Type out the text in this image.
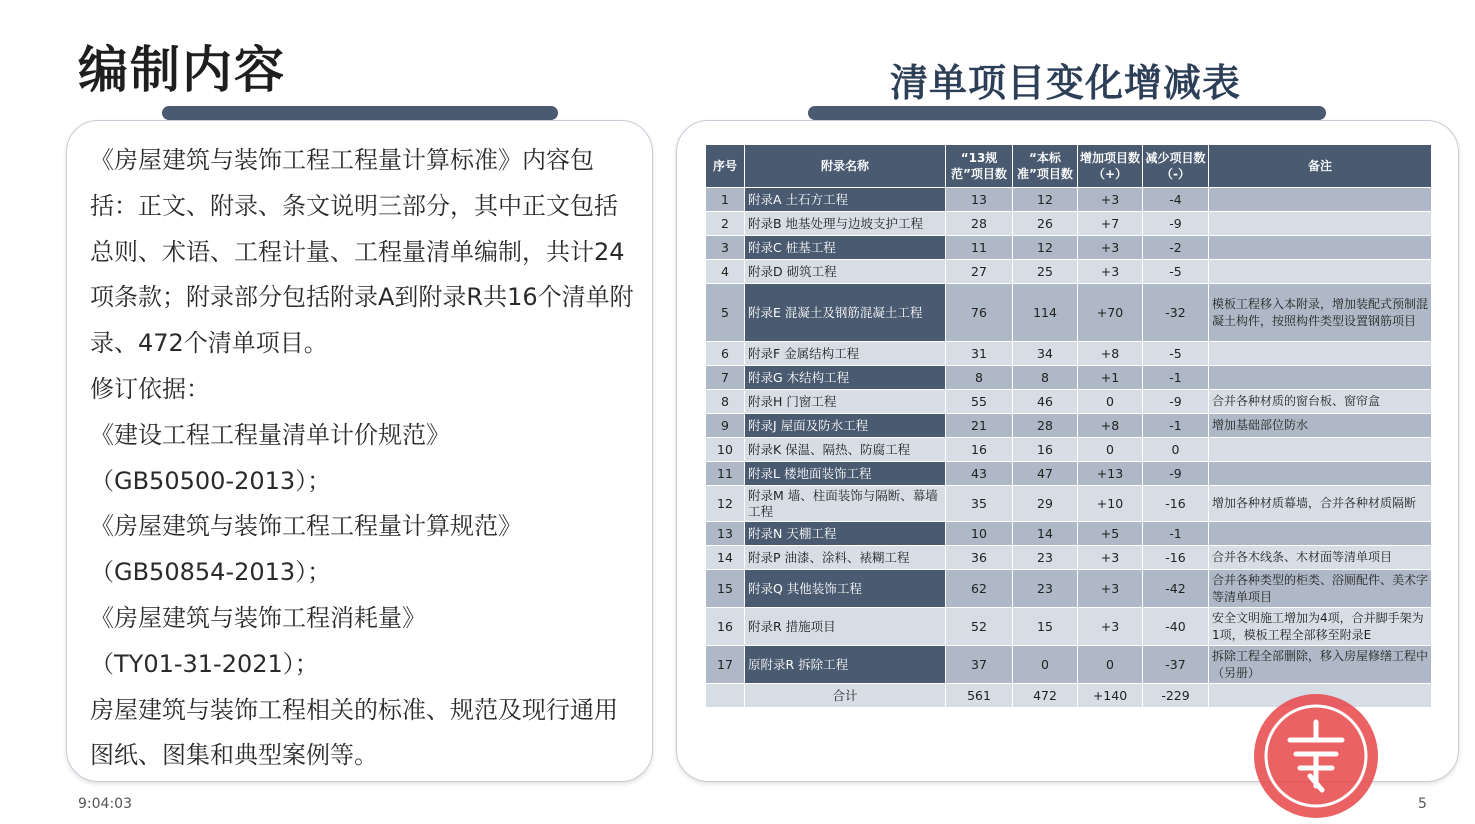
编制内容
《房屋建筑与装饰工程工程量计算标准》内容包括：正文、附录、条文说明三部分，其中正文包括总则、术语、工程计量、工程量清单编制，共计24项条款；附录部分包括附录A到附录R共16个清单附录、472个清单项目。
修订依据：
《建设工程工程量清单计价规范》
（GB50500-2013）；
《房屋建筑与装饰工程工程量计算规范》
（GB50854-2013）；
《房屋建筑与装饰工程消耗量》
（TY01-31-2021）；
房屋建筑与装饰工程相关的标准、规范及现行通用图纸、图集和典型案例等。
清单项目变化增减表
序号	附录名称	“13规范”项目数	“本标准”项目数	增加项目数（+）	减少项目数（-）	备注
1	附录A 土石方工程	13	12	+3	-4	
2	附录B 地基处理与边坡支护工程	28	26	+7	-9	
3	附录C 桩基工程	11	12	+3	-2	
4	附录D 砌筑工程	27	25	+3	-5	
5	附录E 混凝土及钢筋混凝土工程	76	114	+70	-32	模板工程移入本附录，增加装配式预制混凝土构件，按照构件类型设置钢筋项目
6	附录F 金属结构工程	31	34	+8	-5	
7	附录G 木结构工程	8	8	+1	-1	
8	附录H 门窗工程	55	46	0	-9	合并各种材质的窗台板、窗帘盒
9	附录J 屋面及防水工程	21	28	+8	-1	增加基础部位防水
10	附录K 保温、隔热、防腐工程	16	16	0	0	
11	附录L 楼地面装饰工程	43	47	+13	-9	
12	附录M 墙、柱面装饰与隔断、幕墙工程	35	29	+10	-16	增加各种材质幕墙，合并各种材质隔断
13	附录N 天棚工程	10	14	+5	-1	
14	附录P 油漆、涂料、裱糊工程	36	23	+3	-16	合并各木线条、木材面等清单项目
15	附录Q 其他装饰工程	62	23	+3	-42	合并各种类型的柜类、浴厕配件、美术字等清单项目
16	附录R 措施项目	52	15	+3	-40	安全文明施工增加为4项，合并脚手架为1项，模板工程全部移至附录E
17	原附录R 拆除工程	37	0	0	-37	拆除工程全部删除，移入房屋修缮工程中（另册）
	合计	561	472	+140	-229	
9:04:03	5
